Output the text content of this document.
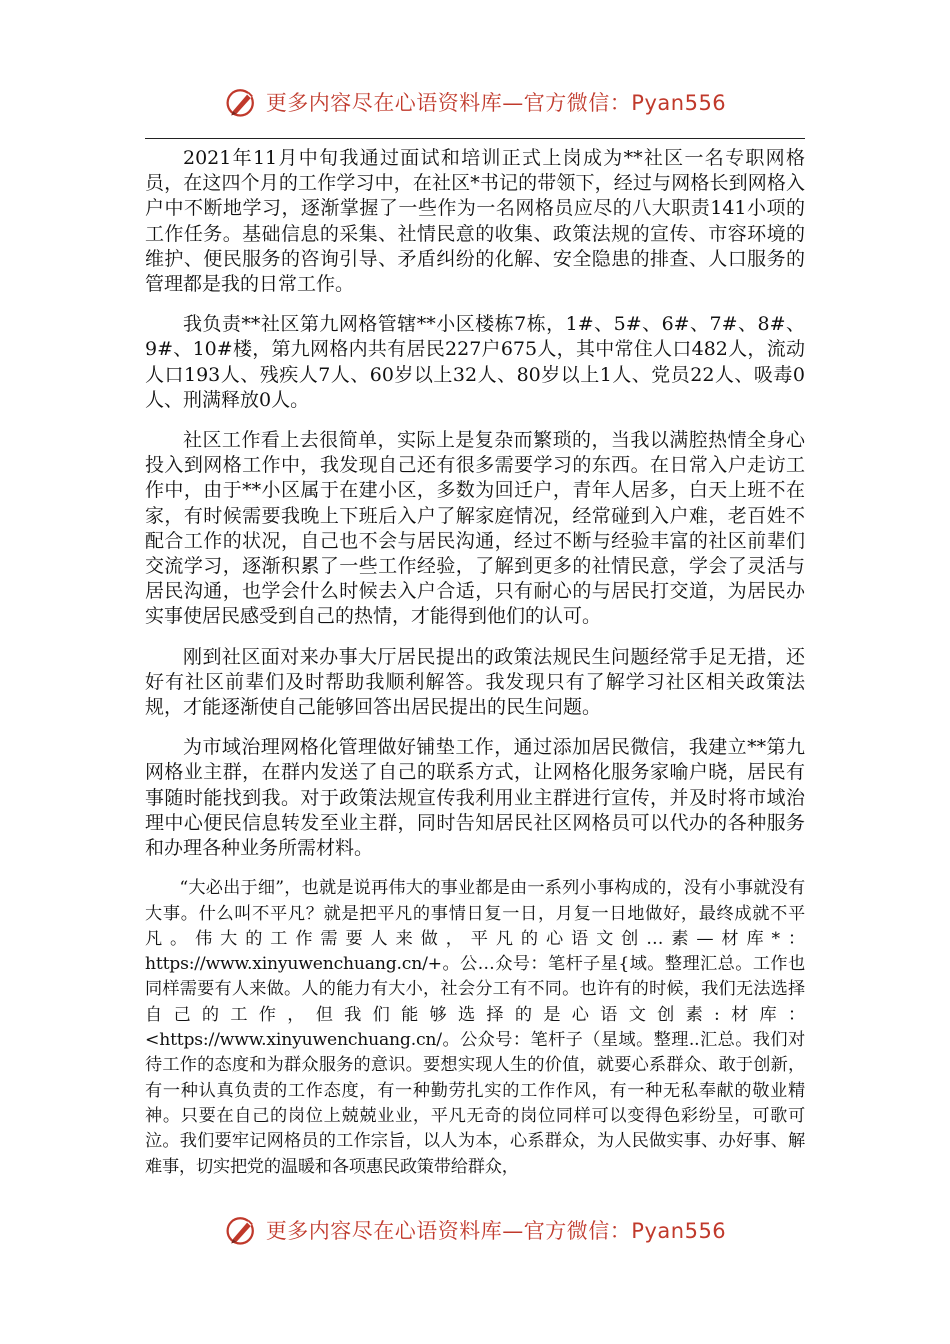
更多内容尽在心语资料库—官方微信：Pyan556

2021年11月中旬我通过面试和培训正式上岗成为**社区一名专职网格员，在这四个月的工作学习中，在社区*书记的带领下，经过与网格长到网格入户中不断地学习，逐渐掌握了一些作为一名网格员应尽的八大职责141小项的工作任务。基础信息的采集、社情民意的收集、政策法规的宣传、市容环境的维护、便民服务的咨询引导、矛盾纠纷的化解、安全隐患的排查、人口服务的管理都是我的日常工作。

我负责**社区第九网格管辖**小区楼栋7栋，1#、5#、6#、7#、8#、9#、10#楼，第九网格内共有居民227户675人，其中常住人口482人，流动人口193人、残疾人7人、60岁以上32人、80岁以上1人、党员22人、吸毒0人、刑满释放0人。

社区工作看上去很简单，实际上是复杂而繁琐的，当我以满腔热情全身心投入到网格工作中，我发现自己还有很多需要学习的东西。在日常入户走访工作中，由于**小区属于在建小区，多数为回迁户，青年人居多，白天上班不在家，有时候需要我晚上下班后入户了解家庭情况，经常碰到入户难，老百姓不配合工作的状况，自己也不会与居民沟通，经过不断与经验丰富的社区前辈们交流学习，逐渐积累了一些工作经验，了解到更多的社情民意，学会了灵活与居民沟通，也学会什么时候去入户合适，只有耐心的与居民打交道，为居民办实事使居民感受到自己的热情，才能得到他们的认可。

刚到社区面对来办事大厅居民提出的政策法规民生问题经常手足无措，还好有社区前辈们及时帮助我顺利解答。我发现只有了解学习社区相关政策法规，才能逐渐使自己能够回答出居民提出的民生问题。

为市域治理网格化管理做好铺垫工作，通过添加居民微信，我建立**第九网格业主群，在群内发送了自己的联系方式，让网格化服务家喻户晓，居民有事随时能找到我。对于政策法规宣传我利用业主群进行宣传，并及时将市域治理中心便民信息转发至业主群，同时告知居民社区网格员可以代办的各种服务和办理各种业务所需材料。

“大必出于细”，也就是说再伟大的事业都是由一系列小事构成的，没有小事就没有大事。什么叫不平凡？就是把平凡的事情日复一日，月复一日地做好，最终成就不平凡。伟大的工作需要人来做，平凡的心语文创…素—材库*：https://www.xinyuwenchuang.cn/+。公…众号：笔杆子星{域。整理汇总。工作也同样需要有人来做。人的能力有大小，社会分工有不同。也许有的时候，我们无法选择自己的工作，但我们能够选择的是心语文创素:材库：<https://www.xinyuwenchuang.cn/。公众号：笔杆子（星域。整理..汇总。我们对待工作的态度和为群众服务的意识。要想实现人生的价值，就要心系群众、敢于创新，有一种认真负责的工作态度，有一种勤劳扎实的工作作风，有一种无私奉献的敬业精神。只要在自己的岗位上兢兢业业，平凡无奇的岗位同样可以变得色彩纷呈，可歌可泣。我们要牢记网格员的工作宗旨，以人为本，心系群众，为人民做实事、办好事、解难事，切实把党的温暖和各项惠民政策带给群众，

更多内容尽在心语资料库—官方微信：Pyan556
